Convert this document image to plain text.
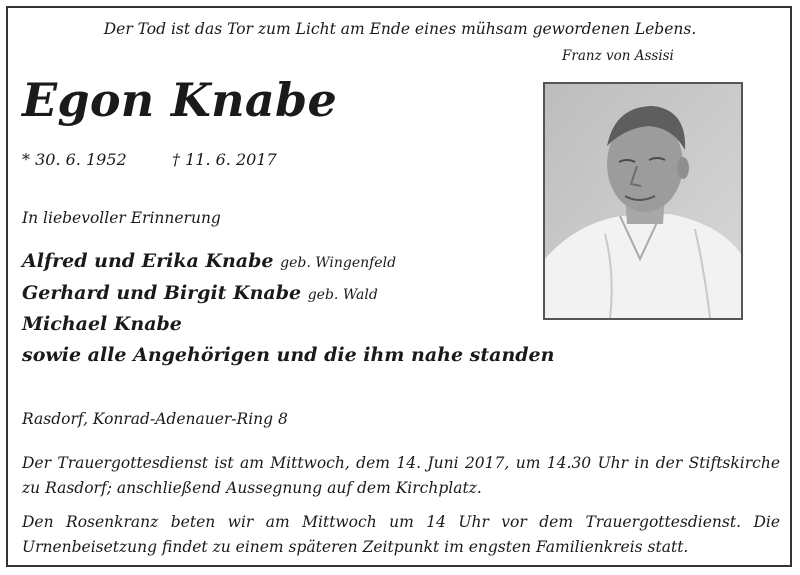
Der Tod ist das Tor zum Licht am Ende eines mühsam gewordenen Lebens.
Franz von Assisi
Egon Knabe
* 30. 6. 1952	† 11. 6. 2017
In liebevoller Erinnerung
Alfred und Erika Knabe geb. Wingenfeld
Gerhard und Birgit Knabe geb. Wald
Michael Knabe
sowie alle Angehörigen und die ihm nahe standen
Rasdorf, Konrad-Adenauer-Ring 8
Der Trauergottesdienst ist am Mittwoch, dem 14. Juni 2017, um 14.30 Uhr in der Stiftskirche zu Rasdorf; anschließend Aussegnung auf dem Kirchplatz.
Den Rosenkranz beten wir am Mittwoch um 14 Uhr vor dem Trauergottesdienst. Die Urnenbeisetzung findet zu einem späteren Zeitpunkt im engsten Familienkreis statt.
